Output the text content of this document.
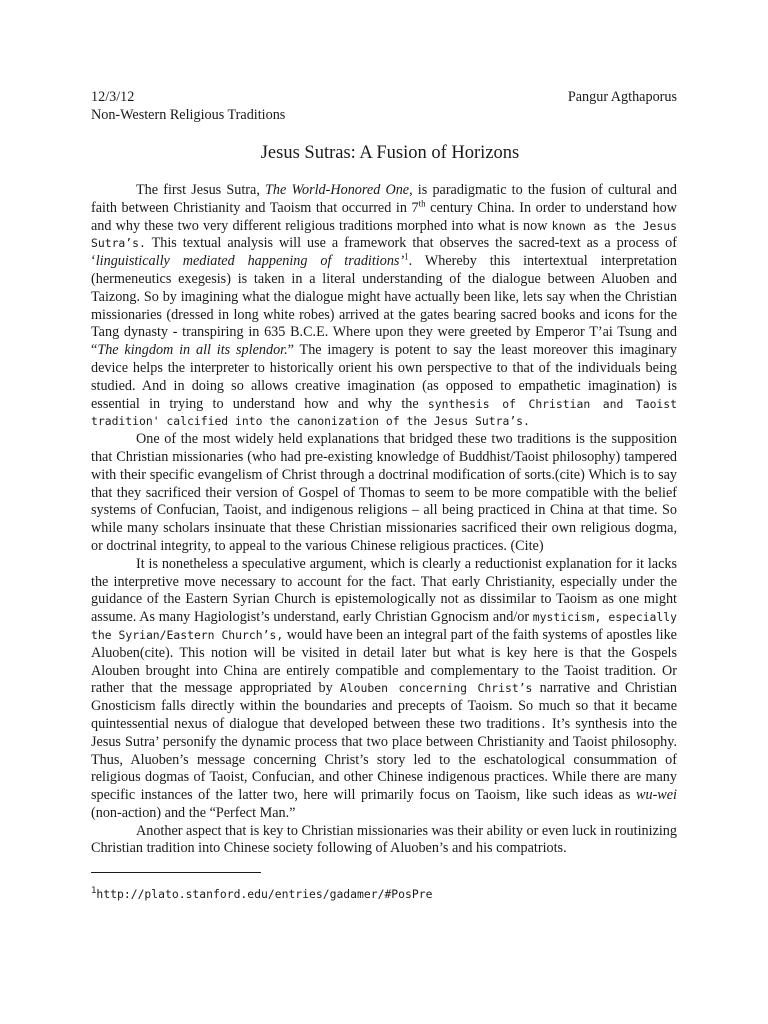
12/3/12	Pangur Agthaporus
Non-Western Religious Traditions
Jesus Sutras: A Fusion of Horizons

The first Jesus Sutra, The World-Honored One, is paradigmatic to the fusion of cultural and faith between Christianity and Taoism that occurred in 7th century China. In order to understand how and why these two very different religious traditions morphed into what is now known as the Jesus Sutra’s. This textual analysis will use a framework that observes the sacred-text as a process of ‘linguistically mediated happening of traditions’$^1$. Whereby this intertextual interpretation (hermeneutics exegesis) is taken in a literal understanding of the dialogue between Aluoben and Taizong. So by imagining what the dialogue might have actually been like, lets say when the Christian missionaries (dressed in long white robes) arrived at the gates bearing sacred books and icons for the Tang dynasty - transpiring in 635 B.C.E. Where upon they were greeted by Emperor T’ai Tsung and “The kingdom in all its splendor.” The imagery is potent to say the least moreover this imaginary device helps the interpreter to historically orient his own perspective to that of the individuals being studied. And in doing so allows creative imagination (as opposed to empathetic imagination) is essential in trying to understand how and why the synthesis of Christian and Taoist tradition' calcified into the canonization of the Jesus Sutra’s.

One of the most widely held explanations that bridged these two traditions is the supposition that Christian missionaries (who had pre-existing knowledge of Buddhist/Taoist philosophy) tampered with their specific evangelism of Christ through a doctrinal modification of sorts.(cite) Which is to say that they sacrificed their version of Gospel of Thomas to seem to be more compatible with the belief systems of Confucian, Taoist, and indigenous religions – all being practiced in China at that time. So while many scholars insinuate that these Christian missionaries sacrificed their own religious dogma, or doctrinal integrity, to appeal to the various Chinese religious practices. (Cite)

It is nonetheless a speculative argument, which is clearly a reductionist explanation for it lacks the interpretive move necessary to account for the fact. That early Christianity, especially under the guidance of the Eastern Syrian Church is epistemologically not as dissimilar to Taoism as one might assume. As many Hagiologist’s understand, early Christian Ggnocism and/or mysticism, especially the Syrian/Eastern Church’s, would have been an integral part of the faith systems of apostles like Aluoben(cite). This notion will be visited in detail later but what is key here is that the Gospels Alouben brought into China are entirely compatible and complementary to the Taoist tradition. Or rather that the message appropriated by Alouben concerning Christ’s narrative and Christian Gnosticism falls directly within the boundaries and precepts of Taoism. So much so that it became quintessential nexus of dialogue that developed between these two traditions. It’s synthesis into the Jesus Sutra’ personify the dynamic process that two place between Christianity and Taoist philosophy. Thus, Aluoben’s message concerning Christ’s story led to the eschatological consummation of religious dogmas of Taoist, Confucian, and other Chinese indigenous practices. While there are many specific instances of the latter two, here will primarily focus on Taoism, like such ideas as wu-wei (non-action) and the “Perfect Man.”

Another aspect that is key to Christian missionaries was their ability or even luck in routinizing Christian tradition into Chinese society following of Aluoben’s and his compatriots.

$^1$http://plato.stanford.edu/entries/gadamer/#PosPre
